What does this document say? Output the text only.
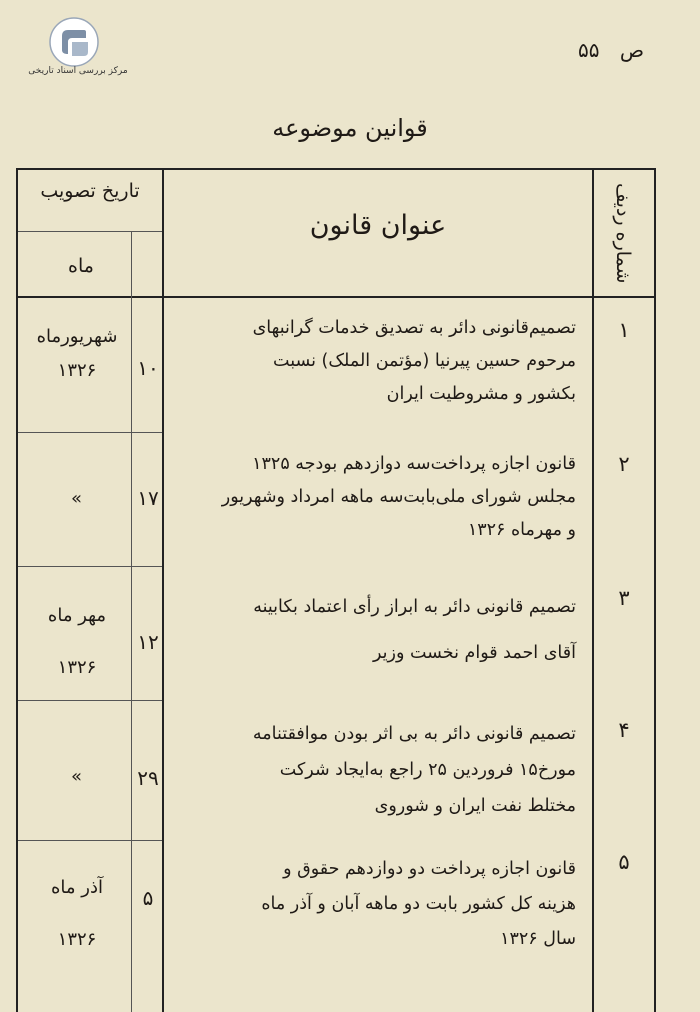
مرکز بررسی اسناد تاریخی
ص ۵۵
قوانین موضوعه
شماره ردیف
عنوان قانون
تاریخ تصویب
ماه
۱
تصمیم‌قانونی دائر به تصدیق خدمات گرانبهای
مرحوم حسین پیرنیا (مؤتمن الملک) نسبت
بکشور و مشروطیت ایران
۱۰
شهریورماه
۱۳۲۶
۲
قانون اجازه پرداخت‌سه دوازدهم بودجه ۱۳۲۵
مجلس شورای ملی‌بابت‌سه ماهه امرداد وشهریور
و مهرماه ۱۳۲۶
۱۷
»
۳
تصمیم قانونی دائر به ابراز رأی اعتماد بکابینه
آقای احمد قوام نخست وزیر
۱۲
مهر ماه
۱۳۲۶
۴
تصمیم قانونی دائر به بی اثر بودن موافقتنامه
مورخ۱۵ فروردین ۲۵ راجع به‌ایجاد شرکت
مختلط نفت ایران و شوروی
۲۹
»
۵
قانون اجازه پرداخت دو دوازدهم حقوق و
هزینه کل کشور بابت دو ماهه آبان و آذر ماه
سال ۱۳۲۶
۵
آذر ماه
۱۳۲۶
